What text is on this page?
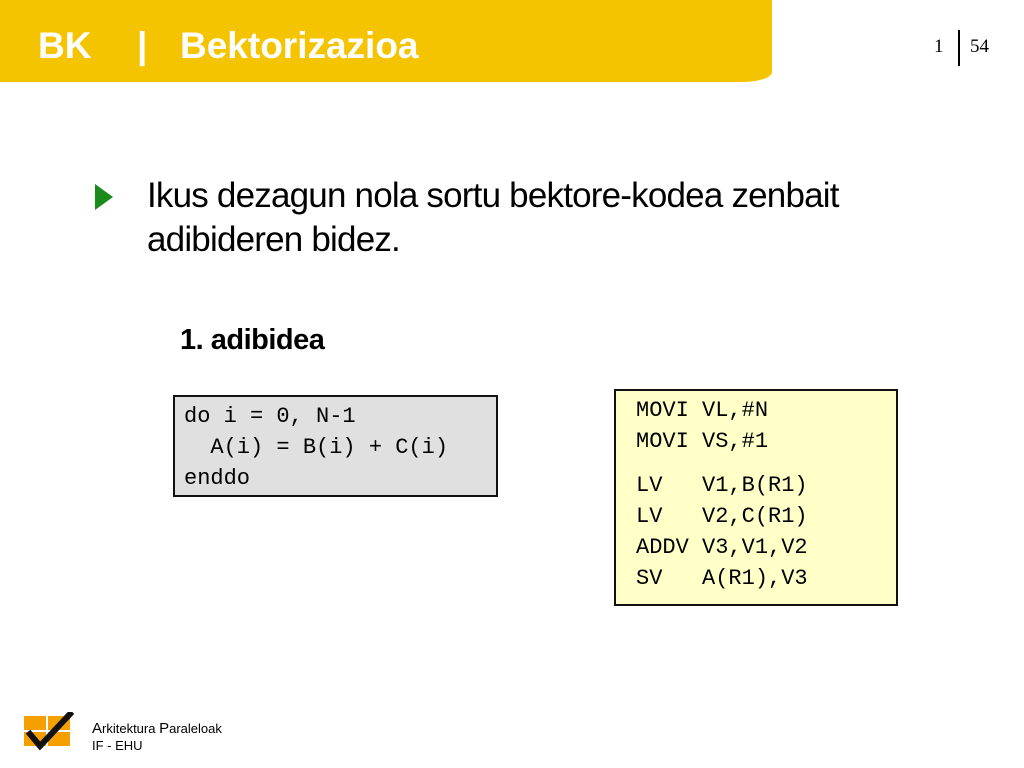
BK | Bektorizazioa	1 54
Ikus dezagun nola sortu bektore-kodea zenbait adibideren bidez.
1. adibidea
do i = 0, N-1
A(i) = B(i) + C(i)
enddo
MOVI VL,#N
MOVI VS,#1
LV   V1,B(R1)
LV   V2,C(R1)
ADDV V3,V1,V2
SV   A(R1),V3
Arkitektura Paraleloak
IF - EHU
